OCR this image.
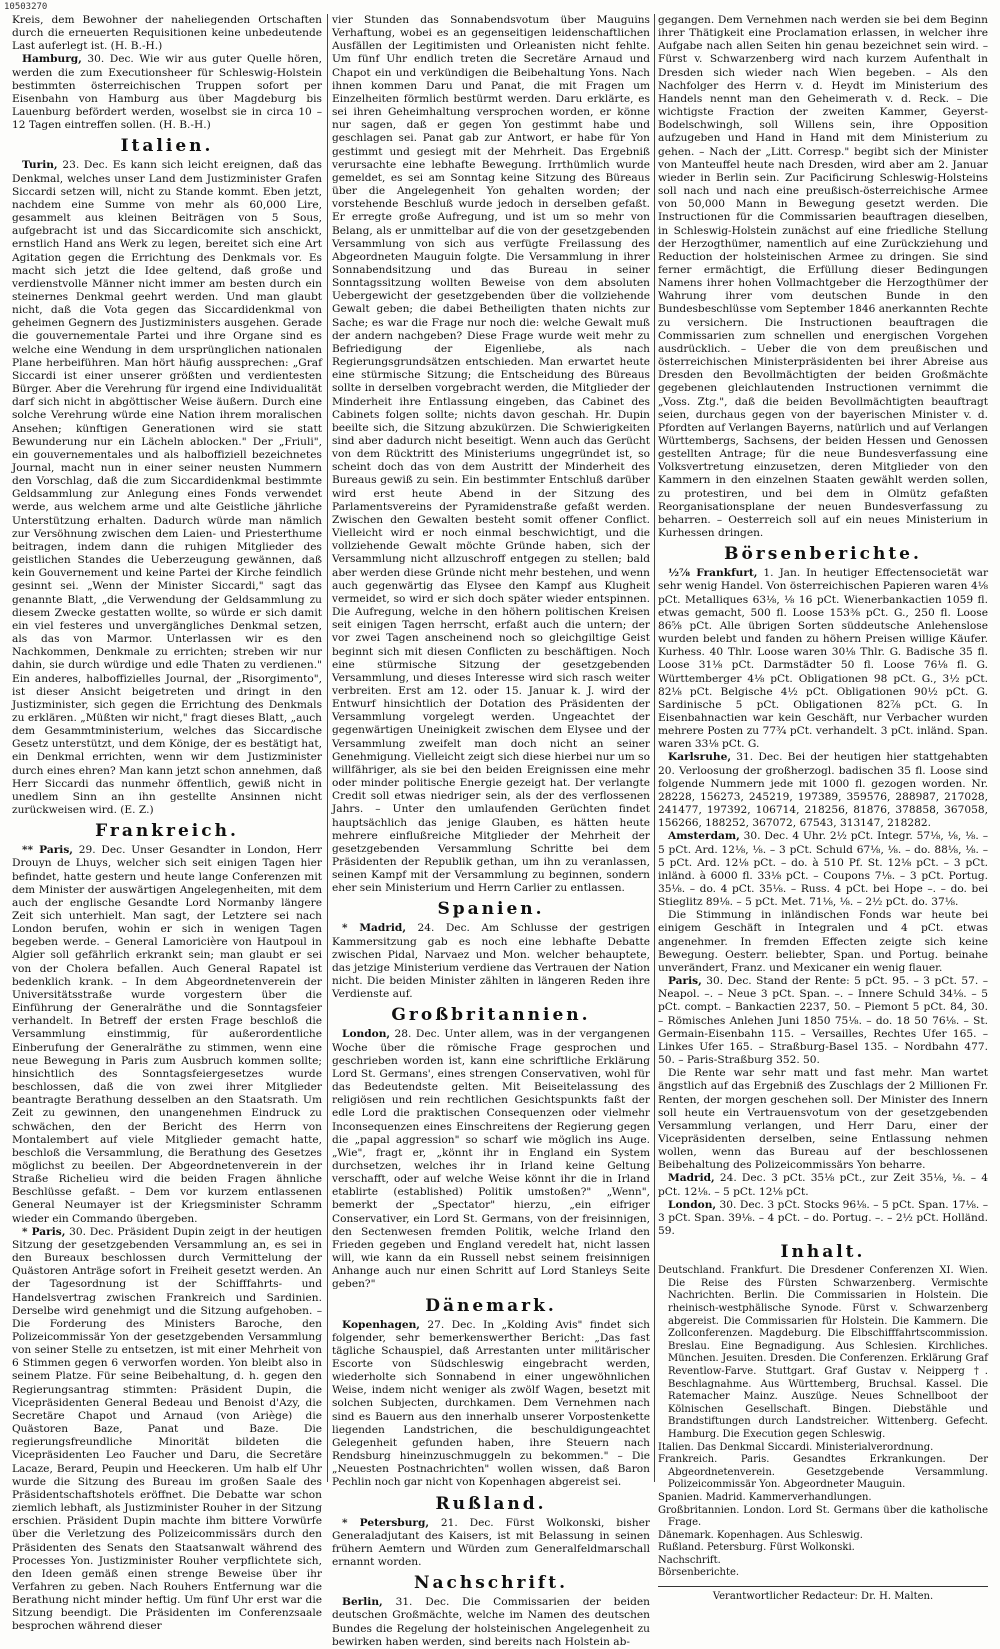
10503270

Kreis, dem Bewohner der naheliegenden Ortschaften durch die erneuerten Requisitionen keine unbedeutende Last auferlegt ist. (H. B.-H.)

Hamburg, 30. Dec. Wie wir aus guter Quelle hören, werden die zum Executionsheer für Schleswig-Holstein bestimmten österreichischen Truppen sofort per Eisenbahn von Hamburg aus über Magdeburg bis Lauenburg befördert werden, woselbst sie in circa 10 – 12 Tagen eintreffen sollen. (H. B.-H.)

Italien.

Turin, 23. Dec. Es kann sich leicht ereignen, daß das Denkmal, welches unser Land dem Justizminister Grafen Siccardi setzen will, nicht zu Stande kommt. Eben jetzt, nachdem eine Summe von mehr als 60,000 Lire, gesammelt aus kleinen Beiträgen von 5 Sous, aufgebracht ist und das Siccardicomite sich anschickt, ernstlich Hand ans Werk zu legen, bereitet sich eine Art Agitation gegen die Errichtung des Denkmals vor. Es macht sich jetzt die Idee geltend, daß große und verdienstvolle Männer nicht immer am besten durch ein steinernes Denkmal geehrt werden. Und man glaubt nicht, daß die Vota gegen das Siccardidenkmal von geheimen Gegnern des Justizministers ausgehen. Gerade die gouvernementale Partei und ihre Organe sind es welche eine Wendung in dem ursprünglichen nationalen Plane herbeiführen. Man hört häufig aussprechen: „Graf Siccardi ist einer unserer größten und verdientesten Bürger. Aber die Verehrung für irgend eine Individualität darf sich nicht in abgöttischer Weise äußern. Durch eine solche Verehrung würde eine Nation ihrem moralischen Ansehen; künftigen Generationen wird sie statt Bewunderung nur ein Lächeln ablocken." Der „Friuli", ein gouvernementales und als halboffiziell bezeichnetes Journal, macht nun in einer seiner neusten Nummern den Vorschlag, daß die zum Siccardidenkmal bestimmte Geldsammlung zur Anlegung eines Fonds verwendet werde, aus welchem arme und alte Geistliche jährliche Unterstützung erhalten. Dadurch würde man nämlich zur Versöhnung zwischen dem Laien- und Priesterthume beitragen, indem dann die ruhigen Mitglieder des geistlichen Standes die Ueberzeugung gewännen, daß kein Gouvernement und keine Partei der Kirche feindlich gesinnt sei. „Wenn der Minister Siccardi," sagt das genannte Blatt, „die Verwendung der Geldsammlung zu diesem Zwecke gestatten wollte, so würde er sich damit ein viel festeres und unvergängliches Denkmal setzen, als das von Marmor. Unterlassen wir es den Nachkommen, Denkmale zu errichten; streben wir nur dahin, sie durch würdige und edle Thaten zu verdienen." Ein anderes, halboffizielles Journal, der „Risorgimento", ist dieser Ansicht beigetreten und dringt in den Justizminister, sich gegen die Errichtung des Denkmals zu erklären. „Müßten wir nicht," fragt dieses Blatt, „auch dem Gesammtministerium, welches das Siccardische Gesetz unterstützt, und dem Könige, der es bestätigt hat, ein Denkmal errichten, wenn wir dem Justizminister durch eines ehren? Man kann jetzt schon annehmen, daß Herr Siccardi das nunmehr öffentlich, gewiß nicht in unedlem Sinn an ihn gestellte Ansinnen nicht zurückweisen wird. (E. Z.)

Frankreich.

** Paris, 29. Dec. Unser Gesandter in London, Herr Drouyn de Lhuys, welcher sich seit einigen Tagen hier befindet, hatte gestern und heute lange Conferenzen mit dem Minister der auswärtigen Angelegenheiten, mit dem auch der englische Gesandte Lord Normanby längere Zeit sich unterhielt. Man sagt, der Letztere sei nach London berufen, wohin er sich in wenigen Tagen begeben werde. – General Lamoricière von Hautpoul in Algier soll gefährlich erkrankt sein; man glaubt er sei von der Cholera befallen. Auch General Rapatel ist bedenklich krank. – In dem Abgeordnetenverein der Universitätsstraße wurde vorgestern über die Einführung der Generalräthe und die Sonntagsfeier verhandelt. In Betreff der ersten Frage beschloß die Versammlung einstimmig, für außerordentliche Einberufung der Generalräthe zu stimmen, wenn eine neue Bewegung in Paris zum Ausbruch kommen sollte; hinsichtlich des Sonntagsfeiergesetzes wurde beschlossen, daß die von zwei ihrer Mitglieder beantragte Berathung desselben an den Staatsrath. Um Zeit zu gewinnen, den unangenehmen Eindruck zu schwächen, den der Bericht des Herrn von Montalembert auf viele Mitglieder gemacht hatte, beschloß die Versammlung, die Berathung des Gesetzes möglichst zu beeilen. Der Abgeordnetenverein in der Straße Richelieu wird die beiden Fragen ähnliche Beschlüsse gefaßt. – Dem vor kurzem entlassenen General Neumayer ist der Kriegsminister Schramm wieder ein Commando übergeben.

* Paris, 30. Dec. Präsident Dupin zeigt in der heutigen Sitzung der gesetzgebenden Versammlung an, es sei in den Bureaux beschlossen durch Vermittelung der Quästoren Anträge sofort in Freiheit gesetzt werden. An der Tagesordnung ist der Schifffahrts- und Handelsvertrag zwischen Frankreich und Sardinien. Derselbe wird genehmigt und die Sitzung aufgehoben. – Die Forderung des Ministers Baroche, den Polizeicommissär Yon der gesetzgebenden Versammlung von seiner Stelle zu entsetzen, ist mit einer Mehrheit von 6 Stimmen gegen 6 verworfen worden. Yon bleibt also in seinem Platze. Für seine Beibehaltung, d. h. gegen den Regierungsantrag stimmten: Präsident Dupin, die Vicepräsidenten General Bedeau und Benoist d'Azy, die Secretäre Chapot und Arnaud (von Ariège) die Quästoren Baze, Panat und Baze. Die regierungsfreundliche Minorität bildeten die Vicepräsidenten Leo Faucher und Daru, die Secretäre Lacaze, Berard, Peupin und Heeckeren. Um halb elf Uhr wurde die Sitzung des Bureau im großen Saale des Präsidentschaftshotels eröffnet. Die Debatte war schon ziemlich lebhaft, als Justizminister Rouher in der Sitzung erschien. Präsident Dupin machte ihm bittere Vorwürfe über die Verletzung des Polizeicommissärs durch den Präsidenten des Senats den Staatsanwalt während des Processes Yon. Justizminister Rouher verpflichtete sich, den Ideen gemäß einen strenge Beweise über ihr Verfahren zu geben. Nach Rouhers Entfernung war die Berathung nicht minder heftig. Um fünf Uhr erst war die Sitzung beendigt. Die Präsidenten im Conferenzsaale besprochen während dieser

vier Stunden das Sonnabendsvotum über Mauguins Verhaftung, wobei es an gegenseitigen leidenschaftlichen Ausfällen der Legitimisten und Orleanisten nicht fehlte. Um fünf Uhr endlich treten die Secretäre Arnaud und Chapot ein und verkündigen die Beibehaltung Yons. Nach ihnen kommen Daru und Panat, die mit Fragen um Einzelheiten förmlich bestürmt werden. Daru erklärte, es sei ihren Geheimhaltung versprochen worden, er könne nur sagen, daß er gegen Yon gestimmt habe und geschlagen sei. Panat gab zur Antwort, er habe für Yon gestimmt und gesiegt mit der Mehrheit. Das Ergebniß verursachte eine lebhafte Bewegung. Irrthümlich wurde gemeldet, es sei am Sonntag keine Sitzung des Büreaus über die Angelegenheit Yon gehalten worden; der vorstehende Beschluß wurde jedoch in derselben gefaßt. Er erregte große Aufregung, und ist um so mehr von Belang, als er unmittelbar auf die von der gesetzgebenden Versammlung von sich aus verfügte Freilassung des Abgeordneten Mauguin folgte. Die Versammlung in ihrer Sonnabendsitzung und das Bureau in seiner Sonntagssitzung wollten Beweise von dem absoluten Uebergewicht der gesetzgebenden über die vollziehende Gewalt geben; die dabei Betheiligten thaten nichts zur Sache; es war die Frage nur noch die: welche Gewalt muß der andern nachgeben? Diese Frage wurde weit mehr zu Befriedigung der Eigenliebe, als nach Regierungsgrundsätzen entschieden. Man erwartet heute eine stürmische Sitzung; die Entscheidung des Büreaus sollte in derselben vorgebracht werden, die Mitglieder der Minderheit ihre Entlassung eingeben, das Cabinet des Cabinets folgen sollte; nichts davon geschah. Hr. Dupin beeilte sich, die Sitzung abzukürzen. Die Schwierigkeiten sind aber dadurch nicht beseitigt. Wenn auch das Gerücht von dem Rücktritt des Ministeriums ungegründet ist, so scheint doch das von dem Austritt der Minderheit des Bureaus gewiß zu sein. Ein bestimmter Entschluß darüber wird erst heute Abend in der Sitzung des Parlamentsvereins der Pyramidenstraße gefaßt werden. Zwischen den Gewalten besteht somit offener Conflict. Vielleicht wird er noch einmal beschwichtigt, und die vollziehende Gewalt möchte Gründe haben, sich der Versammlung nicht allzuschroff entgegen zu stellen; bald aber werden diese Gründe nicht mehr bestehen, und wenn auch gegenwärtig das Elysee den Kampf aus Klugheit vermeidet, so wird er sich doch später wieder entspinnen. Die Aufregung, welche in den höhern politischen Kreisen seit einigen Tagen herrscht, erfaßt auch die untern; der vor zwei Tagen anscheinend noch so gleichgiltige Geist beginnt sich mit diesen Conflicten zu beschäftigen. Noch eine stürmische Sitzung der gesetzgebenden Versammlung, und dieses Interesse wird sich rasch weiter verbreiten. Erst am 12. oder 15. Januar k. J. wird der Entwurf hinsichtlich der Dotation des Präsidenten der Versammlung vorgelegt werden. Ungeachtet der gegenwärtigen Uneinigkeit zwischen dem Elysee und der Versammlung zweifelt man doch nicht an seiner Genehmigung. Vielleicht zeigt sich diese hierbei nur um so willfähriger, als sie bei den beiden Ereignissen eine mehr oder minder politische Energie gezeigt hat. Der verlangte Credit soll etwas niedriger sein, als der des verflossenen Jahrs. – Unter den umlaufenden Gerüchten findet hauptsächlich das jenige Glauben, es hätten heute mehrere einflußreiche Mitglieder der Mehrheit der gesetzgebenden Versammlung Schritte bei dem Präsidenten der Republik gethan, um ihn zu veranlassen, seinen Kampf mit der Versammlung zu beginnen, sondern eher sein Ministerium und Herrn Carlier zu entlassen.

Spanien.

* Madrid, 24. Dec. Am Schlusse der gestrigen Kammersitzung gab es noch eine lebhafte Debatte zwischen Pidal, Narvaez und Mon. welcher behauptete, das jetzige Ministerium verdiene das Vertrauen der Nation nicht. Die beiden Minister zählten in längeren Reden ihre Verdienste auf.

Großbritannien.

London, 28. Dec. Unter allem, was in der vergangenen Woche über die römische Frage gesprochen und geschrieben worden ist, kann eine schriftliche Erklärung Lord St. Germans', eines strengen Conservativen, wohl für das Bedeutendste gelten. Mit Beiseitelassung des religiösen und rein rechtlichen Gesichtspunkts faßt der edle Lord die praktischen Consequenzen oder vielmehr Inconsequenzen eines Einschreitens der Regierung gegen die „papal aggression" so scharf wie möglich ins Auge. „Wie", fragt er, „könnt ihr in England ein System durchsetzen, welches ihr in Irland keine Geltung verschafft, oder auf welche Weise könnt ihr die in Irland etablirte (established) Politik umstoßen?" „Wenn", bemerkt der „Spectator" hierzu, „ein eifriger Conservativer, ein Lord St. Germans, von der freisinnigen, den Sectenwesen fremden Politik, welche Irland den Frieden gegeben und England veredelt hat, nicht lassen will, wie kann da ein Russell nebst seinem freisinnigen Anhange auch nur einen Schritt auf Lord Stanleys Seite geben?"

Dänemark.

Kopenhagen, 27. Dec. In „Kolding Avis" findet sich folgender, sehr bemerkenswerther Bericht: „Das fast tägliche Schauspiel, daß Arrestanten unter militärischer Escorte von Südschleswig eingebracht werden, wiederholte sich Sonnabend in einer ungewöhnlichen Weise, indem nicht weniger als zwölf Wagen, besetzt mit solchen Subjecten, durchkamen. Dem Vernehmen nach sind es Bauern aus den innerhalb unserer Vorpostenkette liegenden Landstrichen, die beschuldigungeachtet Gelegenheit gefunden haben, ihre Steuern nach Rendsburg hineinzuschmuggeln zu bekommen." – Die „Neuesten Postnachrichten" wollen wissen, daß Baron Pechlin noch gar nicht von Kopenhagen abgereist sei.

Rußland.

* Petersburg, 21. Dec. Fürst Wolkonski, bisher Generaladjutant des Kaisers, ist mit Belassung in seinen frühern Aemtern und Würden zum Generalfeldmarschall ernannt worden.

Nachschrift.

Berlin, 31. Dec. Die Commissarien der beiden deutschen Großmächte, welche im Namen des deutschen Bundes die Regelung der holsteinischen Angelegenheit zu bewirken haben werden, sind bereits nach Holstein ab-

gegangen. Dem Vernehmen nach werden sie bei dem Beginn ihrer Thätigkeit eine Proclamation erlassen, in welcher ihre Aufgabe nach allen Seiten hin genau bezeichnet sein wird. – Fürst v. Schwarzenberg wird nach kurzem Aufenthalt in Dresden sich wieder nach Wien begeben. – Als den Nachfolger des Herrn v. d. Heydt im Ministerium des Handels nennt man den Geheimerath v. d. Reck. – Die wichtigste Fraction der zweiten Kammer, Geyerst-Bodelschwingh, soll Willens sein, ihre Opposition aufzugeben und Hand in Hand mit dem Ministerium zu gehen. – Nach der „Litt. Corresp." begibt sich der Minister von Manteuffel heute nach Dresden, wird aber am 2. Januar wieder in Berlin sein. Zur Pacificirung Schleswig-Holsteins soll nach und nach eine preußisch-österreichische Armee von 50,000 Mann in Bewegung gesetzt werden. Die Instructionen für die Commissarien beauftragen dieselben, in Schleswig-Holstein zunächst auf eine friedliche Stellung der Herzogthümer, namentlich auf eine Zurückziehung und Reduction der holsteinischen Armee zu dringen. Sie sind ferner ermächtigt, die Erfüllung dieser Bedingungen Namens ihrer hohen Vollmachtgeber die Herzogthümer der Wahrung ihrer vom deutschen Bunde in den Bundesbeschlüsse vom September 1846 anerkannten Rechte zu versichern. Die Instructionen beauftragen die Commissarien zum schnellen und energischen Vorgehen ausdrücklich. – Ueber die von dem preußischen und österreichischen Ministerpräsidenten bei ihrer Abreise aus Dresden den Bevollmächtigten der beiden Großmächte gegebenen gleichlautenden Instructionen vernimmt die „Voss. Ztg.", daß die beiden Bevollmächtigten beauftragt seien, durchaus gegen von der bayerischen Minister v. d. Pfordten auf Verlangen Bayerns, natürlich und auf Verlangen Württembergs, Sachsens, der beiden Hessen und Genossen gestellten Antrage; für die neue Bundesverfassung eine Volksvertretung einzusetzen, deren Mitglieder von den Kammern in den einzelnen Staaten gewählt werden sollen, zu protestiren, und bei dem in Olmütz gefaßten Reorganisationsplane der neuen Bundesverfassung zu beharren. – Oesterreich soll auf ein neues Ministerium in Kurhessen dringen.

Börsenberichte.

½⅞ Frankfurt, 1. Jan. In heutiger Effectensocietät war sehr wenig Handel. Von österreichischen Papieren waren 4⅛ pCt. Metalliques 63⅛, ⅛ 16 pCt. Wienerbankactien 1059 fl. etwas gemacht, 500 fl. Loose 153⅜ pCt. G., 250 fl. Loose 86⅝ pCt. Alle übrigen Sorten süddeutsche Anlehenslose wurden belebt und fanden zu höhern Preisen willige Käufer. Kurhess. 40 Thlr. Loose waren 30⅛ Thlr. G. Badische 35 fl. Loose 31⅛ pCt. Darmstädter 50 fl. Loose 76⅛ fl. G. Württemberger 4⅛ pCt. Obligationen 98 pCt. G., 3½ pCt. 82⅛ pCt. Belgische 4½ pCt. Obligationen 90½ pCt. G. Sardinische 5 pCt. Obligationen 82⅞ pCt. G. In Eisenbahnactien war kein Geschäft, nur Verbacher wurden mehrere Posten zu 77¾ pCt. verhandelt. 3 pCt. inländ. Span. waren 33⅛ pCt. G.

Karlsruhe, 31. Dec. Bei der heutigen hier stattgehabten 20. Verloosung der großherzogl. badischen 35 fl. Loose sind folgende Nummern jede mit 1000 fl. gezogen worden. Nr. 28228, 156273, 245219, 197389, 359576, 288987, 217028, 241477, 197392, 106714, 218256, 81876, 378858, 367058, 156266, 188252, 367072, 67543, 313147, 218282.

Amsterdam, 30. Dec. 4 Uhr. 2½ pCt. Integr. 57⅛, ⅛, ⅛. – 5 pCt. Ard. 12⅛, ⅛. – 3 pCt. Schuld 67⅛, ⅛. – do. 88⅛, ⅛. – 5 pCt. Ard. 12⅛ pCt. – do. à 510 Pf. St. 12⅛ pCt. – 3 pCt. inländ. à 6000 fl. 33⅛ pCt. – Coupons 7⅛. – 3 pCt. Portug. 35⅛. – do. 4 pCt. 35⅛. – Russ. 4 pCt. bei Hope –. – do. bei Stieglitz 89⅛. – 5 pCt. Met. 71⅛, ⅛. – 2½ pCt. do. 37⅛.

Die Stimmung in inländischen Fonds war heute bei einigem Geschäft in Integralen und 4 pCt. etwas angenehmer. In fremden Effecten zeigte sich keine Bewegung. Oesterr. beliebter, Span. und Portug. beinahe unverändert, Franz. und Mexicaner ein wenig flauer.

Paris, 30. Dec. Stand der Rente: 5 pCt. 95. – 3 pCt. 57. – Neapol. –. – Neue 3 pCt. Span. –. – Innere Schuld 34⅛. – 5 pCt. compt. – Bankactien 2237, 50. – Piemont 5 pCt. 84, 30. – Römisches Anlehen Juni 1850 75⅛. – do. 18 50 76⅛. – St. Germain-Eisenbahn 115. – Versailles, Rechtes Ufer 165. – Linkes Ufer 165. – Straßburg-Basel 135. – Nordbahn 477. 50. – Paris-Straßburg 352. 50.

Die Rente war sehr matt und fast mehr. Man wartet ängstlich auf das Ergebniß des Zuschlags der 2 Millionen Fr. Renten, der morgen geschehen soll. Der Minister des Innern soll heute ein Vertrauensvotum von der gesetzgebenden Versammlung verlangen, und Herr Daru, einer der Vicepräsidenten derselben, seine Entlassung nehmen wollen, wenn das Bureau auf der beschlossenen Beibehaltung des Polizeicommissärs Yon beharre.

Madrid, 24. Dec. 3 pCt. 35⅛ pCt., zur Zeit 35⅛, ⅛. – 4 pCt. 12⅛. – 5 pCt. 12⅛ pCt.

London, 30. Dec. 3 pCt. Stocks 96⅛. – 5 pCt. Span. 17⅛. – 3 pCt. Span. 39⅛. – 4 pCt. – do. Portug. –. – 2½ pCt. Holländ. 59.

Inhalt.

Deutschland. Frankfurt. Die Dresdener Conferenzen XI. Wien. Die Reise des Fürsten Schwarzenberg. Vermischte Nachrichten. Berlin. Die Commissarien in Holstein. Die rheinisch-westphälische Synode. Fürst v. Schwarzenberg abgereist. Die Commissarien für Holstein. Die Kammern. Die Zollconferenzen. Magdeburg. Die Elbschifffahrtscommission. Breslau. Eine Begnadigung. Aus Schlesien. Kirchliches. München. Jesuiten. Dresden. Die Conferenzen. Erklärung Graf Reventlow-Farve. Stuttgart. Graf Gustav v. Neipperg †. Beschlagnahme. Aus Württemberg, Bruchsal. Kassel. Die Ratemacher Mainz. Auszüge. Neues Schnellboot der Kölnischen Gesellschaft. Bingen. Diebstähle und Brandstiftungen durch Landstreicher. Wittenberg. Gefecht. Hamburg. Die Execution gegen Schleswig.

Italien. Das Denkmal Siccardi. Ministerialverordnung.

Frankreich. Paris. Gesandtes Erkrankungen. Der Abgeordnetenverein. Gesetzgebende Versammlung. Polizeicommissär Yon. Abgeordneter Mauguin.

Spanien. Madrid. Kammerverhandlungen.

Großbritannien. London. Lord St. Germans über die katholische Frage.

Dänemark. Kopenhagen. Aus Schleswig.

Rußland. Petersburg. Fürst Wolkonski.

Nachschrift.

Börsenberichte.

Verantwortlicher Redacteur: Dr. H. Malten.
